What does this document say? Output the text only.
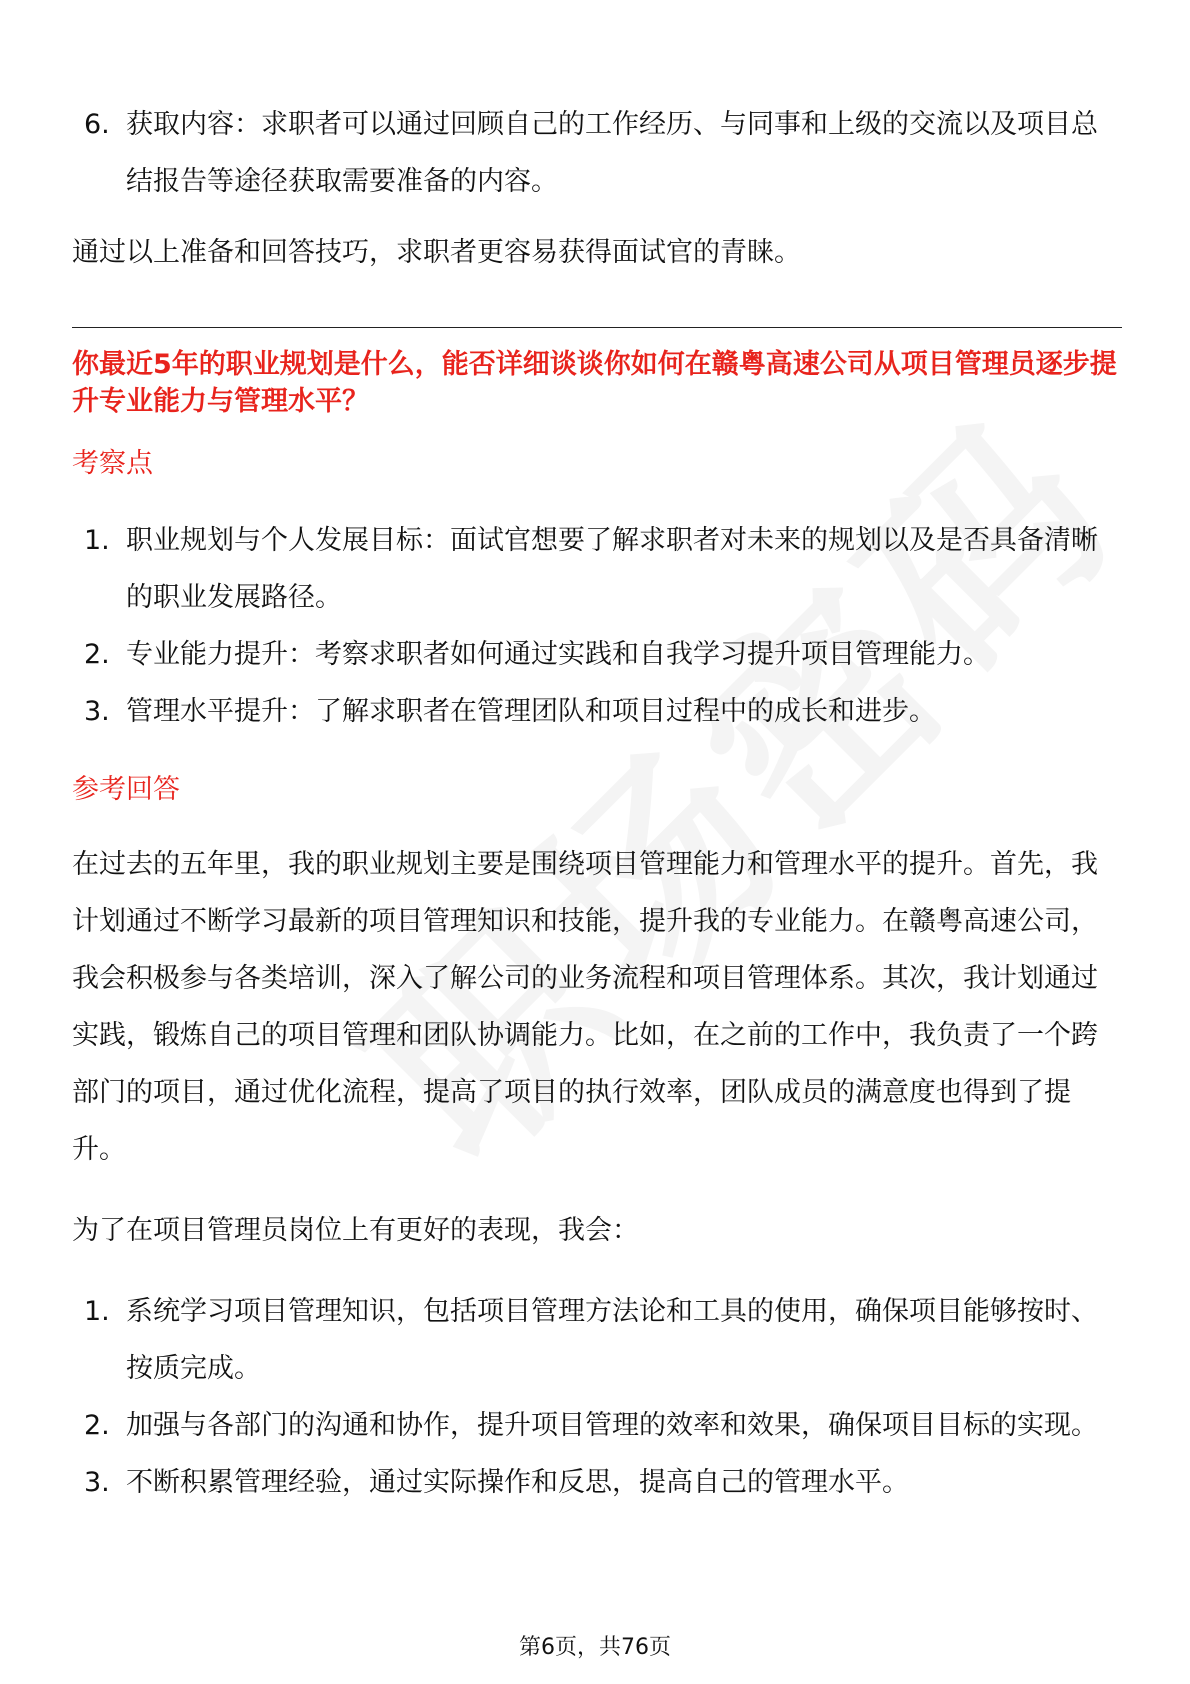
6. 获取内容：求职者可以通过回顾自己的工作经历、与同事和上级的交流以及项目总结报告等途径获取需要准备的内容。
通过以上准备和回答技巧，求职者更容易获得面试官的青睐。
你最近5年的职业规划是什么，能否详细谈谈你如何在赣粤高速公司从项目管理员逐步提升专业能力与管理水平？
考察点
1. 职业规划与个人发展目标：面试官想要了解求职者对未来的规划以及是否具备清晰的职业发展路径。
2. 专业能力提升：考察求职者如何通过实践和自我学习提升项目管理能力。
3. 管理水平提升：了解求职者在管理团队和项目过程中的成长和进步。
参考回答
在过去的五年里，我的职业规划主要是围绕项目管理能力和管理水平的提升。首先，我计划通过不断学习最新的项目管理知识和技能，提升我的专业能力。在赣粤高速公司，我会积极参与各类培训，深入了解公司的业务流程和项目管理体系。其次，我计划通过实践，锻炼自己的项目管理和团队协调能力。比如，在之前的工作中，我负责了一个跨部门的项目，通过优化流程，提高了项目的执行效率，团队成员的满意度也得到了提升。
为了在项目管理员岗位上有更好的表现，我会：
1. 系统学习项目管理知识，包括项目管理方法论和工具的使用，确保项目能够按时、按质完成。
2. 加强与各部门的沟通和协作，提升项目管理的效率和效果，确保项目目标的实现。
3. 不断积累管理经验，通过实际操作和反思，提高自己的管理水平。
第6页，共76页
